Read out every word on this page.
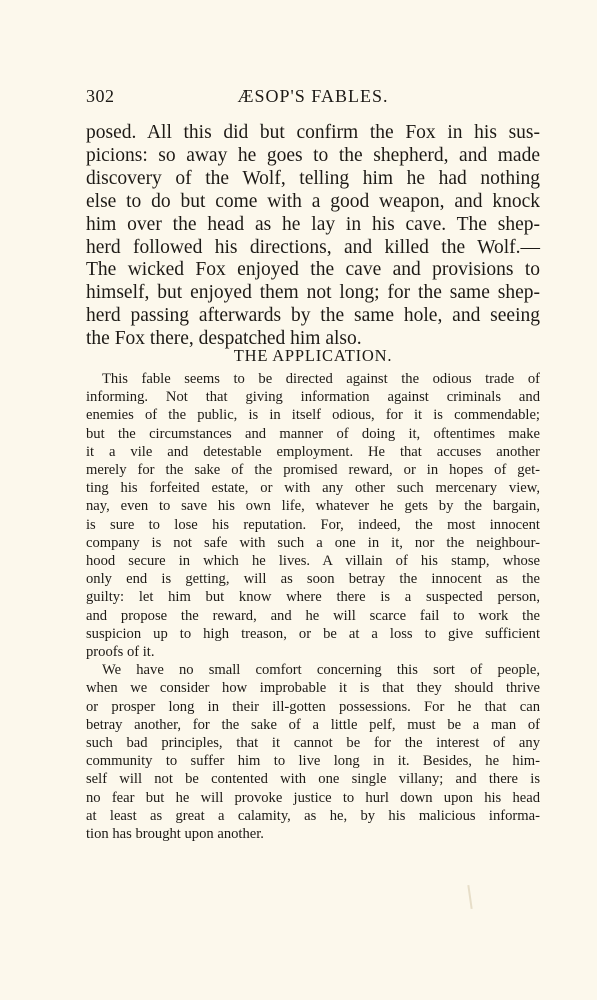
302	ÆSOP'S FABLES.
posed. All this did but confirm the Fox in his sus-
picions: so away he goes to the shepherd, and made
discovery of the Wolf, telling him he had nothing
else to do but come with a good weapon, and knock
him over the head as he lay in his cave. The shep-
herd followed his directions, and killed the Wolf.—
The wicked Fox enjoyed the cave and provisions to
himself, but enjoyed them not long; for the same shep-
herd passing afterwards by the same hole, and seeing
the Fox there, despatched him also.
THE APPLICATION.
This fable seems to be directed against the odious trade of
informing. Not that giving information against criminals and
enemies of the public, is in itself odious, for it is commendable;
but the circumstances and manner of doing it, oftentimes make
it a vile and detestable employment. He that accuses another
merely for the sake of the promised reward, or in hopes of get-
ting his forfeited estate, or with any other such mercenary view,
nay, even to save his own life, whatever he gets by the bargain,
is sure to lose his reputation. For, indeed, the most innocent
company is not safe with such a one in it, nor the neighbour-
hood secure in which he lives. A villain of his stamp, whose
only end is getting, will as soon betray the innocent as the
guilty: let him but know where there is a suspected person,
and propose the reward, and he will scarce fail to work the
suspicion up to high treason, or be at a loss to give sufficient
proofs of it.
We have no small comfort concerning this sort of people,
when we consider how improbable it is that they should thrive
or prosper long in their ill-gotten possessions. For he that can
betray another, for the sake of a little pelf, must be a man of
such bad principles, that it cannot be for the interest of any
community to suffer him to live long in it. Besides, he him-
self will not be contented with one single villany; and there is
no fear but he will provoke justice to hurl down upon his head
at least as great a calamity, as he, by his malicious informa-
tion has brought upon another.
